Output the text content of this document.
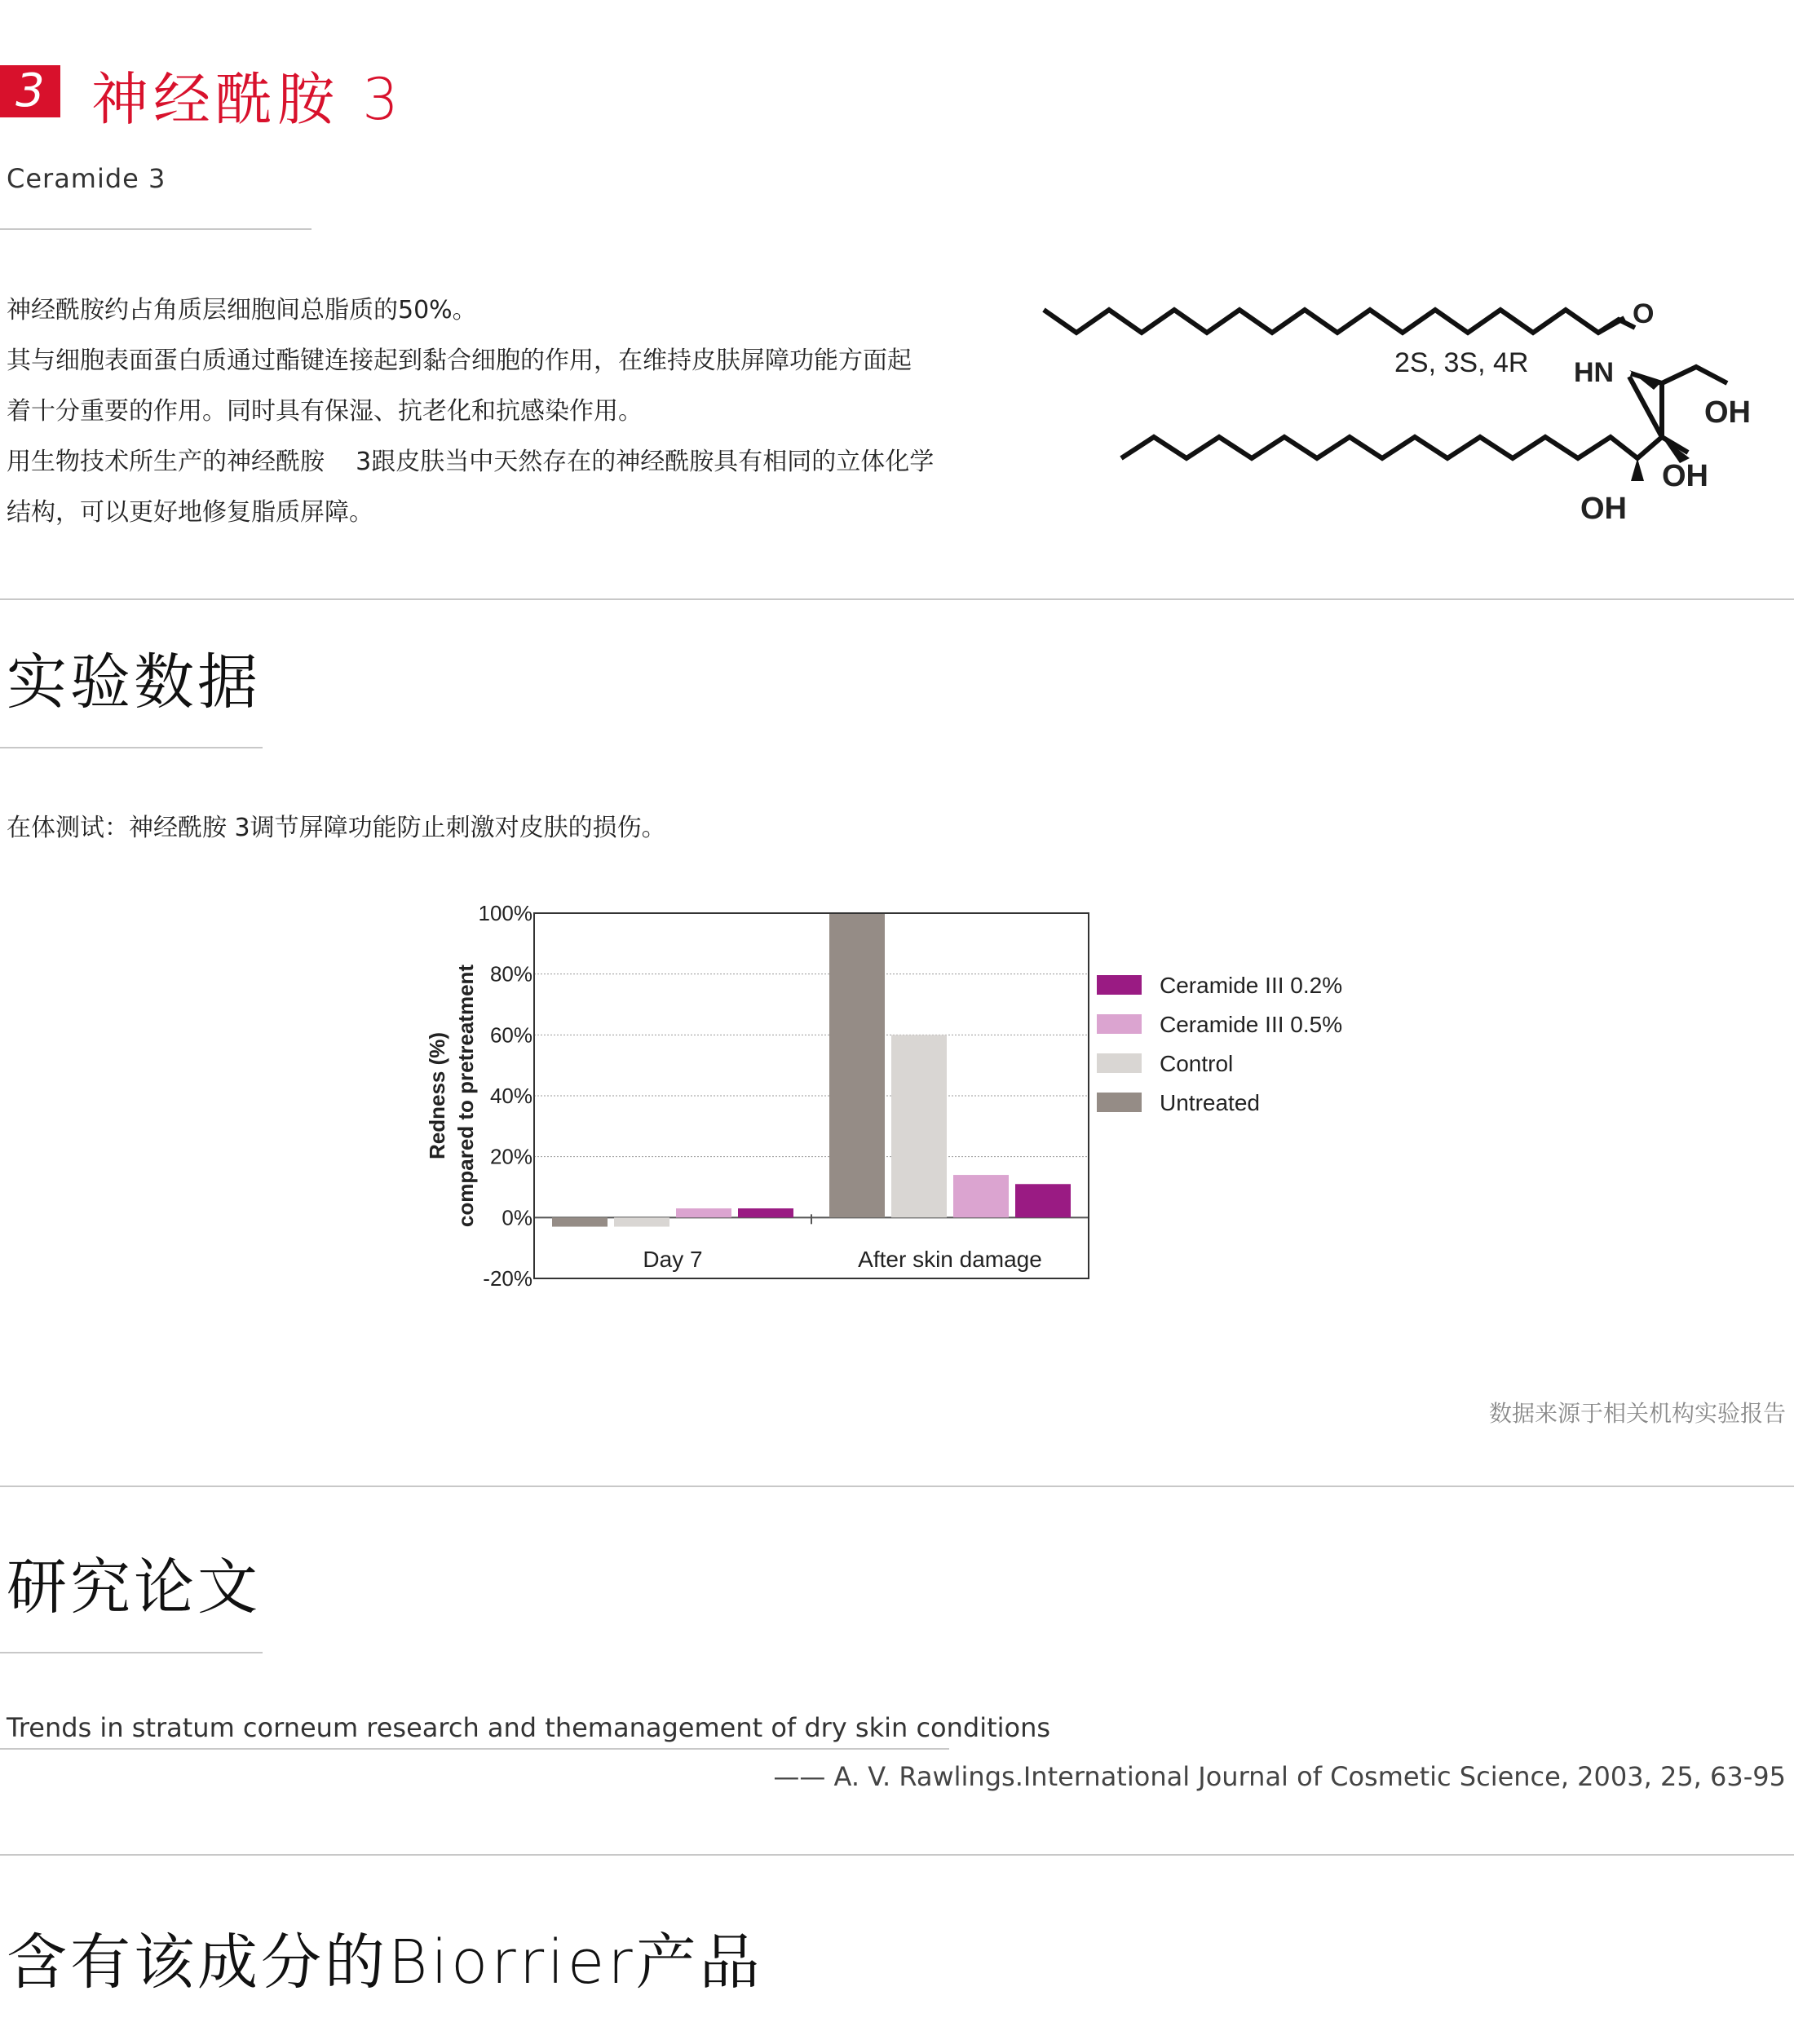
3 神经酰胺 3
Ceramide 3

神经酰胺约占角质层细胞间总脂质的50%。

其与细胞表面蛋白质通过酯键连接起到黏合细胞的作用，在维持皮肤屏障功能方面起

着十分重要的作用。同时具有保湿、抗老化和抗感染作用。

用生物技术所生产的神经酰胺    3跟皮肤当中天然存在的神经酰胺具有相同的立体化学

结构，可以更好地修复脂质屏障。

2S, 3S, 4R HN
O
OH
OH
OH
实验数据
在体测试：神经酰胺 3调节屏障功能防止刺激对皮肤的损伤。
Day 7	After skin damage
100%
80%
60%
40%
20%
0%
-20%
Redness (%) compared to pretreatment	Ceramide III 0.2%
Ceramide III 0.5%
Control
Untreated
数据来源于相关机构实验报告
研究论文
Trends in stratum corneum research and themanagement of dry skin conditions
—— A. V. Rawlings.International Journal of Cosmetic Science, 2003, 25, 63-95
含有该成分的Biorrier产品
